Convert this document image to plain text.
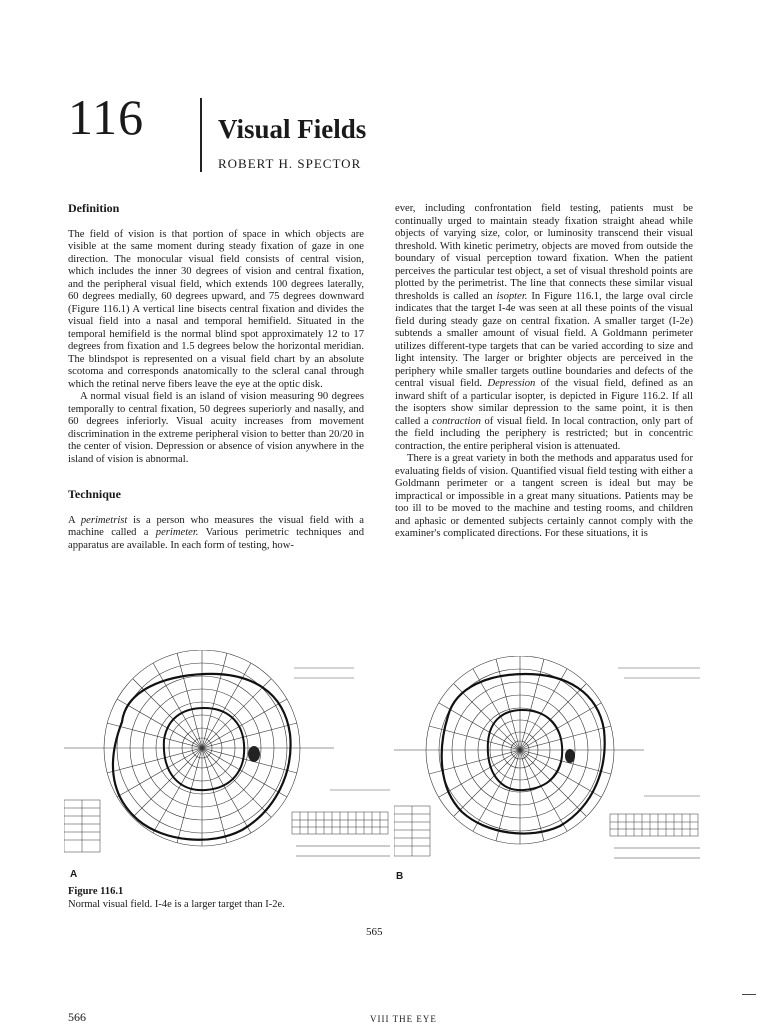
116	Visual Fields
ROBERT H. SPECTOR
Definition

The field of vision is that portion of space in which objects are visible at the same moment during steady fixation of gaze in one direction. The monocular visual field consists of central vision, which includes the inner 30 degrees of vision and central fixation, and the peripheral visual field, which extends 100 degrees laterally, 60 degrees medially, 60 degrees upward, and 75 degrees downward (Figure 116.1) A vertical line bisects central fixation and divides the visual field into a nasal and temporal hemifield. Situated in the temporal hemifield is the normal blind spot approximately 12 to 17 degrees from fixation and 1.5 degrees below the horizontal meridian. The blindspot is represented on a visual field chart by an absolute scotoma and corresponds anatomically to the scleral canal through which the retinal nerve fibers leave the eye at the optic disk.

A normal visual field is an island of vision measuring 90 degrees temporally to central fixation, 50 degrees superiorly and nasally, and 60 degrees inferiorly. Visual acuity increases from movement discrimination in the extreme peripheral vision to better than 20/20 in the center of vision. Depression or absence of vision anywhere in the island of vision is abnormal.

Technique

A perimetrist is a person who measures the visual field with a machine called a perimeter. Various perimetric techniques and apparatus are available. In each form of testing, how-

ever, including confrontation field testing, patients must be continually urged to maintain steady fixation straight ahead while objects of varying size, color, or luminosity transcend their visual threshold. With kinetic perimetry, objects are moved from outside the boundary of visual perception toward fixation. When the patient perceives the particular test object, a set of visual threshold points are plotted by the perimetrist. The line that connects these similar visual thresholds is called an isopter. In Figure 116.1, the large oval circle indicates that the target I-4e was seen at all these points of the visual field during steady gaze on central fixation. A smaller target (I-2e) subtends a smaller amount of visual field. A Goldmann perimeter utilizes different-type targets that can be varied according to size and light intensity. The larger or brighter objects are perceived in the periphery while smaller targets outline boundaries and defects of the central visual field. Depression of the visual field, defined as an inward shift of a particular isopter, is depicted in Figure 116.2. If all the isopters show similar depression to the same point, it is then called a contraction of visual field. In local contraction, only part of the field including the periphery is restricted; but in concentric contraction, the entire peripheral vision is attenuated.

There is a great variety in both the methods and apparatus used for evaluating fields of vision. Quantified visual field testing with either a Goldmann perimeter or a tangent screen is ideal but may be impractical or impossible in a great many situations. Patients may be too ill to be moved to the machine and testing rooms, and children and aphasic or demented subjects certainly cannot comply with the examiner's complicated directions. For these situations, it is

A	B
Figure 116.1
Normal visual field. I-4e is a larger target than I-2e.
565
566	VIII THE EYE
